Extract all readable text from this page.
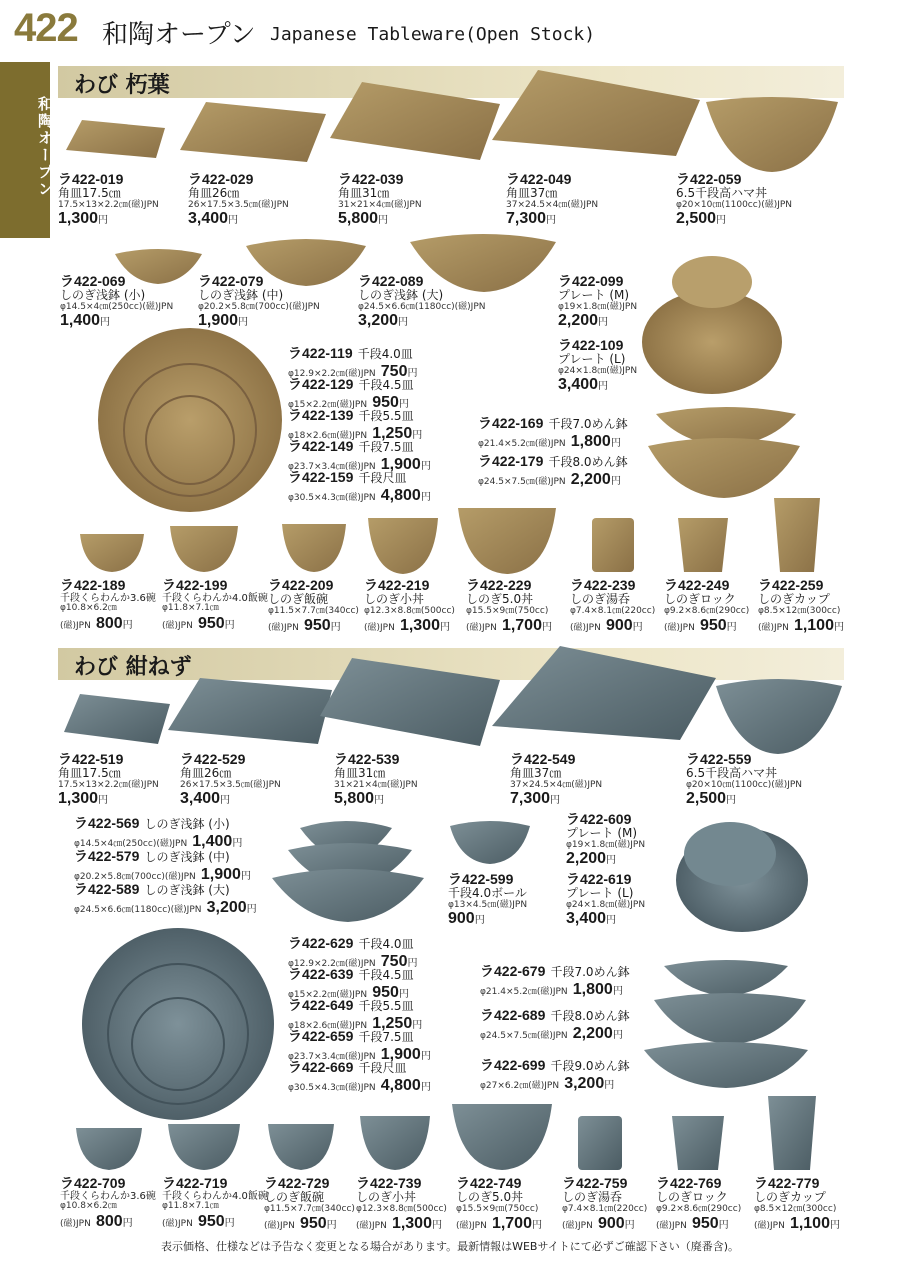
422 和陶オープン Japanese Tableware(Open Stock)
和陶オープン
わび 朽葉
わび 紺ねず
ラ422-019
角皿17.5㎝
17.5×13×2.2㎝(磁)JPN
1,300円
ラ422-029
角皿26㎝
26×17.5×3.5㎝(磁)JPN
3,400円
ラ422-039
角皿31㎝
31×21×4㎝(磁)JPN
5,800円
ラ422-049
角皿37㎝
37×24.5×4㎝(磁)JPN
7,300円
ラ422-059
6.5千段高ハマ丼
φ20×10㎝(1100cc)(磁)JPN
2,500円
ラ422-069
しのぎ浅鉢 (小)
φ14.5×4㎝(250cc)(磁)JPN
1,400円
ラ422-079
しのぎ浅鉢 (中)
φ20.2×5.8㎝(700cc)(磁)JPN
1,900円
ラ422-089
しのぎ浅鉢 (大)
φ24.5×6.6㎝(1180cc)(磁)JPN
3,200円
ラ422-099
プレート (M)
φ19×1.8㎝(磁)JPN
2,200円
ラ422-109
プレート (L)
φ24×1.8㎝(磁)JPN
3,400円
ラ422-119 千段4.0皿
φ12.9×2.2㎝(磁)JPN 750円
ラ422-129 千段4.5皿
φ15×2.2㎝(磁)JPN 950円
ラ422-139 千段5.5皿
φ18×2.6㎝(磁)JPN 1,250円
ラ422-149 千段7.5皿
φ23.7×3.4㎝(磁)JPN 1,900円
ラ422-159 千段尺皿
φ30.5×4.3㎝(磁)JPN 4,800円
ラ422-169 千段7.0めん鉢
φ21.4×5.2㎝(磁)JPN 1,800円
ラ422-179 千段8.0めん鉢
φ24.5×7.5㎝(磁)JPN 2,200円
ラ422-189
千段くらわんか3.6碗
φ10.8×6.2㎝
(磁)JPN 800円
ラ422-199
千段くらわんか4.0飯碗
φ11.8×7.1㎝
(磁)JPN 950円
ラ422-209
しのぎ飯碗
φ11.5×7.7㎝(340cc)
(磁)JPN 950円
ラ422-219
しのぎ小丼
φ12.3×8.8㎝(500cc)
(磁)JPN 1,300円
ラ422-229
しのぎ5.0丼
φ15.5×9㎝(750cc)
(磁)JPN 1,700円
ラ422-239
しのぎ湯呑
φ7.4×8.1㎝(220cc)
(磁)JPN 900円
ラ422-249
しのぎロック
φ9.2×8.6㎝(290cc)
(磁)JPN 950円
ラ422-259
しのぎカップ
φ8.5×12㎝(300cc)
(磁)JPN 1,100円
ラ422-519
角皿17.5㎝
17.5×13×2.2㎝(磁)JPN
1,300円
ラ422-529
角皿26㎝
26×17.5×3.5㎝(磁)JPN
3,400円
ラ422-539
角皿31㎝
31×21×4㎝(磁)JPN
5,800円
ラ422-549
角皿37㎝
37×24.5×4㎝(磁)JPN
7,300円
ラ422-559
6.5千段高ハマ丼
φ20×10㎝(1100cc)(磁)JPN
2,500円
ラ422-569 しのぎ浅鉢 (小)
φ14.5×4㎝(250cc)(磁)JPN 1,400円
ラ422-579 しのぎ浅鉢 (中)
φ20.2×5.8㎝(700cc)(磁)JPN 1,900円
ラ422-589 しのぎ浅鉢 (大)
φ24.5×6.6㎝(1180cc)(磁)JPN 3,200円
ラ422-599
千段4.0ボール
φ13×4.5㎝(磁)JPN
900円
ラ422-609
プレート (M)
φ19×1.8㎝(磁)JPN
2,200円
ラ422-619
プレート (L)
φ24×1.8㎝(磁)JPN
3,400円
ラ422-629 千段4.0皿
φ12.9×2.2㎝(磁)JPN 750円
ラ422-639 千段4.5皿
φ15×2.2㎝(磁)JPN 950円
ラ422-649 千段5.5皿
φ18×2.6㎝(磁)JPN 1,250円
ラ422-659 千段7.5皿
φ23.7×3.4㎝(磁)JPN 1,900円
ラ422-669 千段尺皿
φ30.5×4.3㎝(磁)JPN 4,800円
ラ422-679 千段7.0めん鉢
φ21.4×5.2㎝(磁)JPN 1,800円
ラ422-689 千段8.0めん鉢
φ24.5×7.5㎝(磁)JPN 2,200円
ラ422-699 千段9.0めん鉢
φ27×6.2㎝(磁)JPN 3,200円
ラ422-709
千段くらわんか3.6碗
φ10.8×6.2㎝
(磁)JPN 800円
ラ422-719
千段くらわんか4.0飯碗
φ11.8×7.1㎝
(磁)JPN 950円
ラ422-729
しのぎ飯碗
φ11.5×7.7㎝(340cc)
(磁)JPN 950円
ラ422-739
しのぎ小丼
φ12.3×8.8㎝(500cc)
(磁)JPN 1,300円
ラ422-749
しのぎ5.0丼
φ15.5×9㎝(750cc)
(磁)JPN 1,700円
ラ422-759
しのぎ湯呑
φ7.4×8.1㎝(220cc)
(磁)JPN 900円
ラ422-769
しのぎロック
φ9.2×8.6㎝(290cc)
(磁)JPN 950円
ラ422-779
しのぎカップ
φ8.5×12㎝(300cc)
(磁)JPN 1,100円
表示価格、仕様などは予告なく変更となる場合があります。最新情報はWEBサイトにて必ずご確認下さい（廃番含)。
